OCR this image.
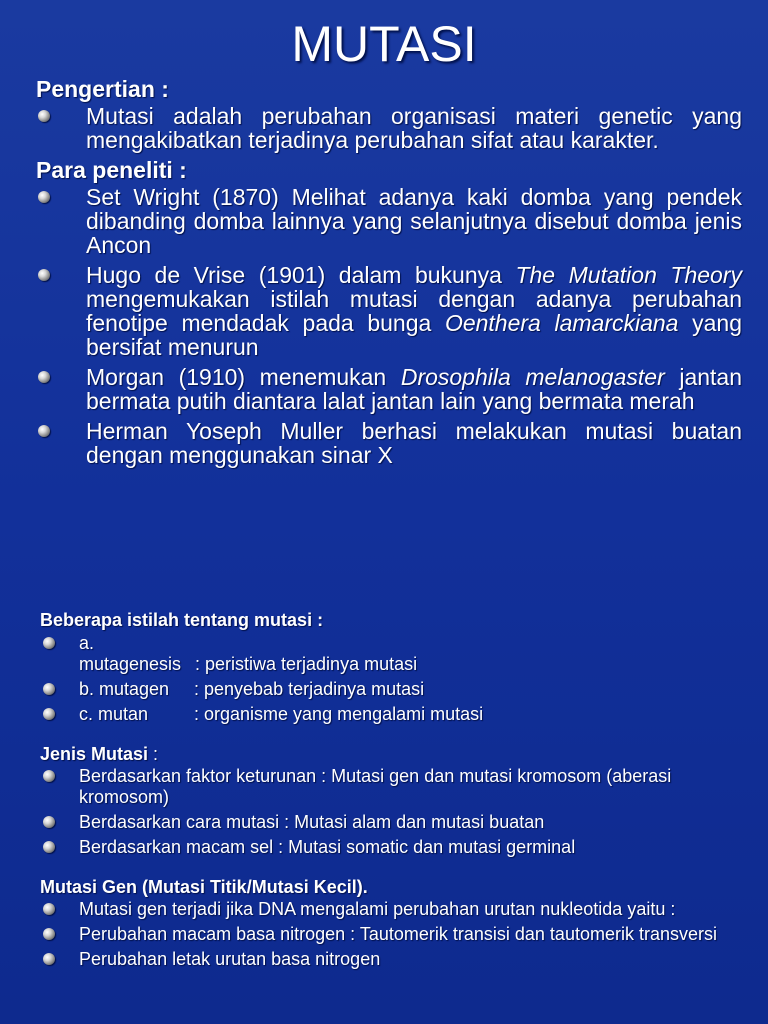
MUTASI
Pengertian :
Mutasi adalah perubahan organisasi materi genetic yang mengakibatkan terjadinya perubahan sifat atau karakter.
Para peneliti :
Set Wright (1870) Melihat adanya kaki domba yang pendek dibanding domba lainnya yang selanjutnya disebut domba jenis Ancon
Hugo de Vrise (1901) dalam bukunya The Mutation Theory mengemukakan istilah mutasi dengan adanya perubahan fenotipe mendadak pada bunga Oenthera lamarckiana yang bersifat menurun
Morgan (1910) menemukan Drosophila melanogaster jantan bermata putih diantara lalat jantan lain yang bermata merah
Herman Yoseph Muller berhasi melakukan mutasi buatan dengan menggunakan sinar X
Beberapa istilah tentang mutasi :
a. mutagenesis : peristiwa terjadinya mutasi
b. mutagen : penyebab terjadinya mutasi
c. mutan	: organisme yang mengalami mutasi
Jenis Mutasi :
Berdasarkan faktor keturunan : Mutasi gen dan mutasi kromosom (aberasi kromosom)
Berdasarkan cara mutasi : Mutasi alam dan mutasi buatan
Berdasarkan macam sel : Mutasi somatic dan mutasi germinal
Mutasi Gen (Mutasi Titik/Mutasi Kecil).
Mutasi gen terjadi jika DNA mengalami perubahan urutan nukleotida yaitu :
Perubahan macam basa nitrogen : Tautomerik transisi dan tautomerik transversi
Perubahan letak urutan basa nitrogen
